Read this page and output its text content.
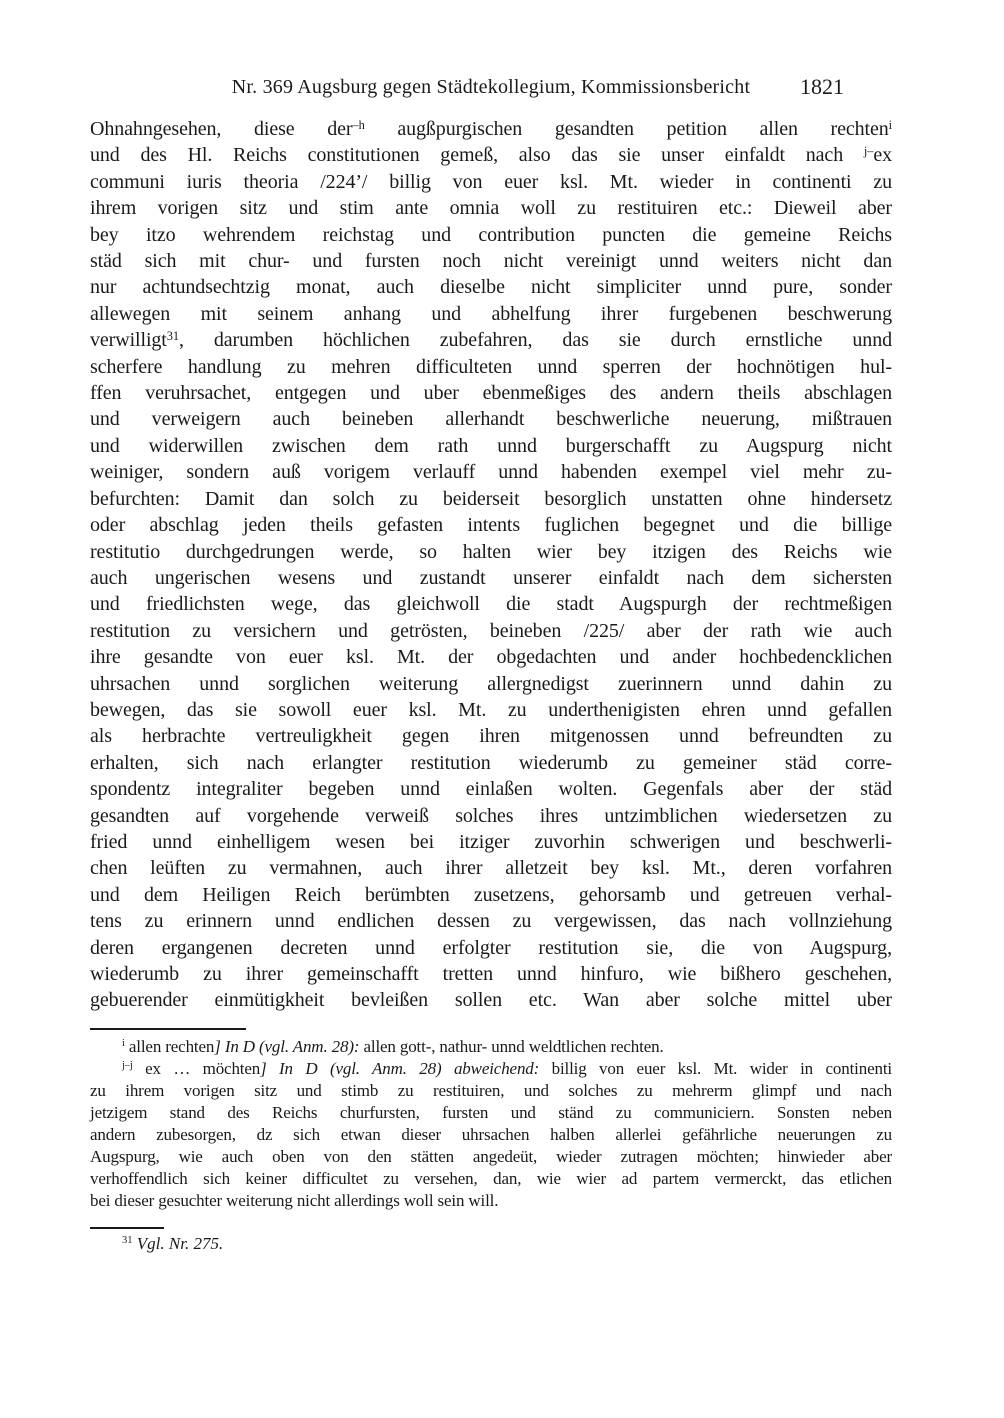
Nr. 369 Augsburg gegen Städtekollegium, Kommissionsbericht	1821
Ohnahngesehen, diese der$^{-h}$ augßpurgischen gesandten petition allen rechten$^i$
und des Hl. Reichs constitutionen gemeß, also das sie unser einfaldt nach $^{j-}$ex
communi iuris theoria /224’/ billig von euer ksl. Mt. wieder in continenti zu
ihrem vorigen sitz und stim ante omnia woll zu restituiren etc.: Dieweil aber
bey itzo wehrendem reichstag und contribution puncten die gemeine Reichs
städ sich mit chur- und fursten noch nicht vereinigt unnd weiters nicht dan
nur achtundsechtzig monat, auch dieselbe nicht simpliciter unnd pure, sonder
allewegen mit seinem anhang und abhelfung ihrer furgebenen beschwerung
verwilligt$^{31}$, darumben höchlichen zubefahren, das sie durch ernstliche unnd
scherfere handlung zu mehren difficulteten unnd sperren der hochnötigen hul-
ffen veruhrsachet, entgegen und uber ebenmeßiges des andern theils abschlagen
und verweigern auch beineben allerhandt beschwerliche neuerung, mißtrauen
und widerwillen zwischen dem rath unnd burgerschafft zu Augspurg nicht
weiniger, sondern auß vorigem verlauff unnd habenden exempel viel mehr zu-
befurchten: Damit dan solch zu beiderseit besorglich unstatten ohne hindersetz
oder abschlag jeden theils gefasten intents fuglichen begegnet und die billige
restitutio durchgedrungen werde, so halten wier bey itzigen des Reichs wie
auch ungerischen wesens und zustandt unserer einfaldt nach dem sichersten
und friedlichsten wege, das gleichwoll die stadt Augspurgh der rechtmeßigen
restitution zu versichern und getrösten, beineben /225/ aber der rath wie auch
ihre gesandte von euer ksl. Mt. der obgedachten und ander hochbedencklichen
uhrsachen unnd sorglichen weiterung allergnedigst zuerinnern unnd dahin zu
bewegen, das sie sowoll euer ksl. Mt. zu underthenigisten ehren unnd gefallen
als herbrachte vertreuligkheit gegen ihren mitgenossen unnd befreundten zu
erhalten, sich nach erlangter restitution wiederumb zu gemeiner städ corre-
spondentz integraliter begeben unnd einlaßen wolten. Gegenfals aber der städ
gesandten auf vorgehende verweiß solches ihres untzimblichen wiedersetzen zu
fried unnd einhelligem wesen bei itziger zuvorhin schwerigen und beschwerli-
chen leüften zu vermahnen, auch ihrer alletzeit bey ksl. Mt., deren vorfahren
und dem Heiligen Reich berümbten zusetzens, gehorsamb und getreuen verhal-
tens zu erinnern unnd endlichen dessen zu vergewissen, das nach vollnziehung
deren ergangenen decreten unnd erfolgter restitution sie, die von Augspurg,
wiederumb zu ihrer gemeinschafft tretten unnd hinfuro, wie bißhero geschehen,
gebuerender einmütigkheit bevleißen sollen etc. Wan aber solche mittel uber
$^i$ allen rechten] In D (vgl. Anm. 28): allen gott-, nathur- unnd weldtlichen rechten.
$^{j-j}$ ex … möchten] In D (vgl. Anm. 28) abweichend: billig von euer ksl. Mt. wider in continenti
zu ihrem vorigen sitz und stimb zu restituiren, und solches zu mehrerm glimpf und nach
jetzigem stand des Reichs churfursten, fursten und ständ zu communiciern. Sonsten neben
andern zubesorgen, dz sich etwan dieser uhrsachen halben allerlei gefährliche neuerungen zu
Augspurg, wie auch oben von den stätten angedeüt, wieder zutragen möchten; hinwieder aber
verhoffendlich sich keiner difficultet zu versehen, dan, wie wier ad partem vermerckt, das etlichen
bei dieser gesuchter weiterung nicht allerdings woll sein will.
$^{31}$ Vgl. Nr. 275.
